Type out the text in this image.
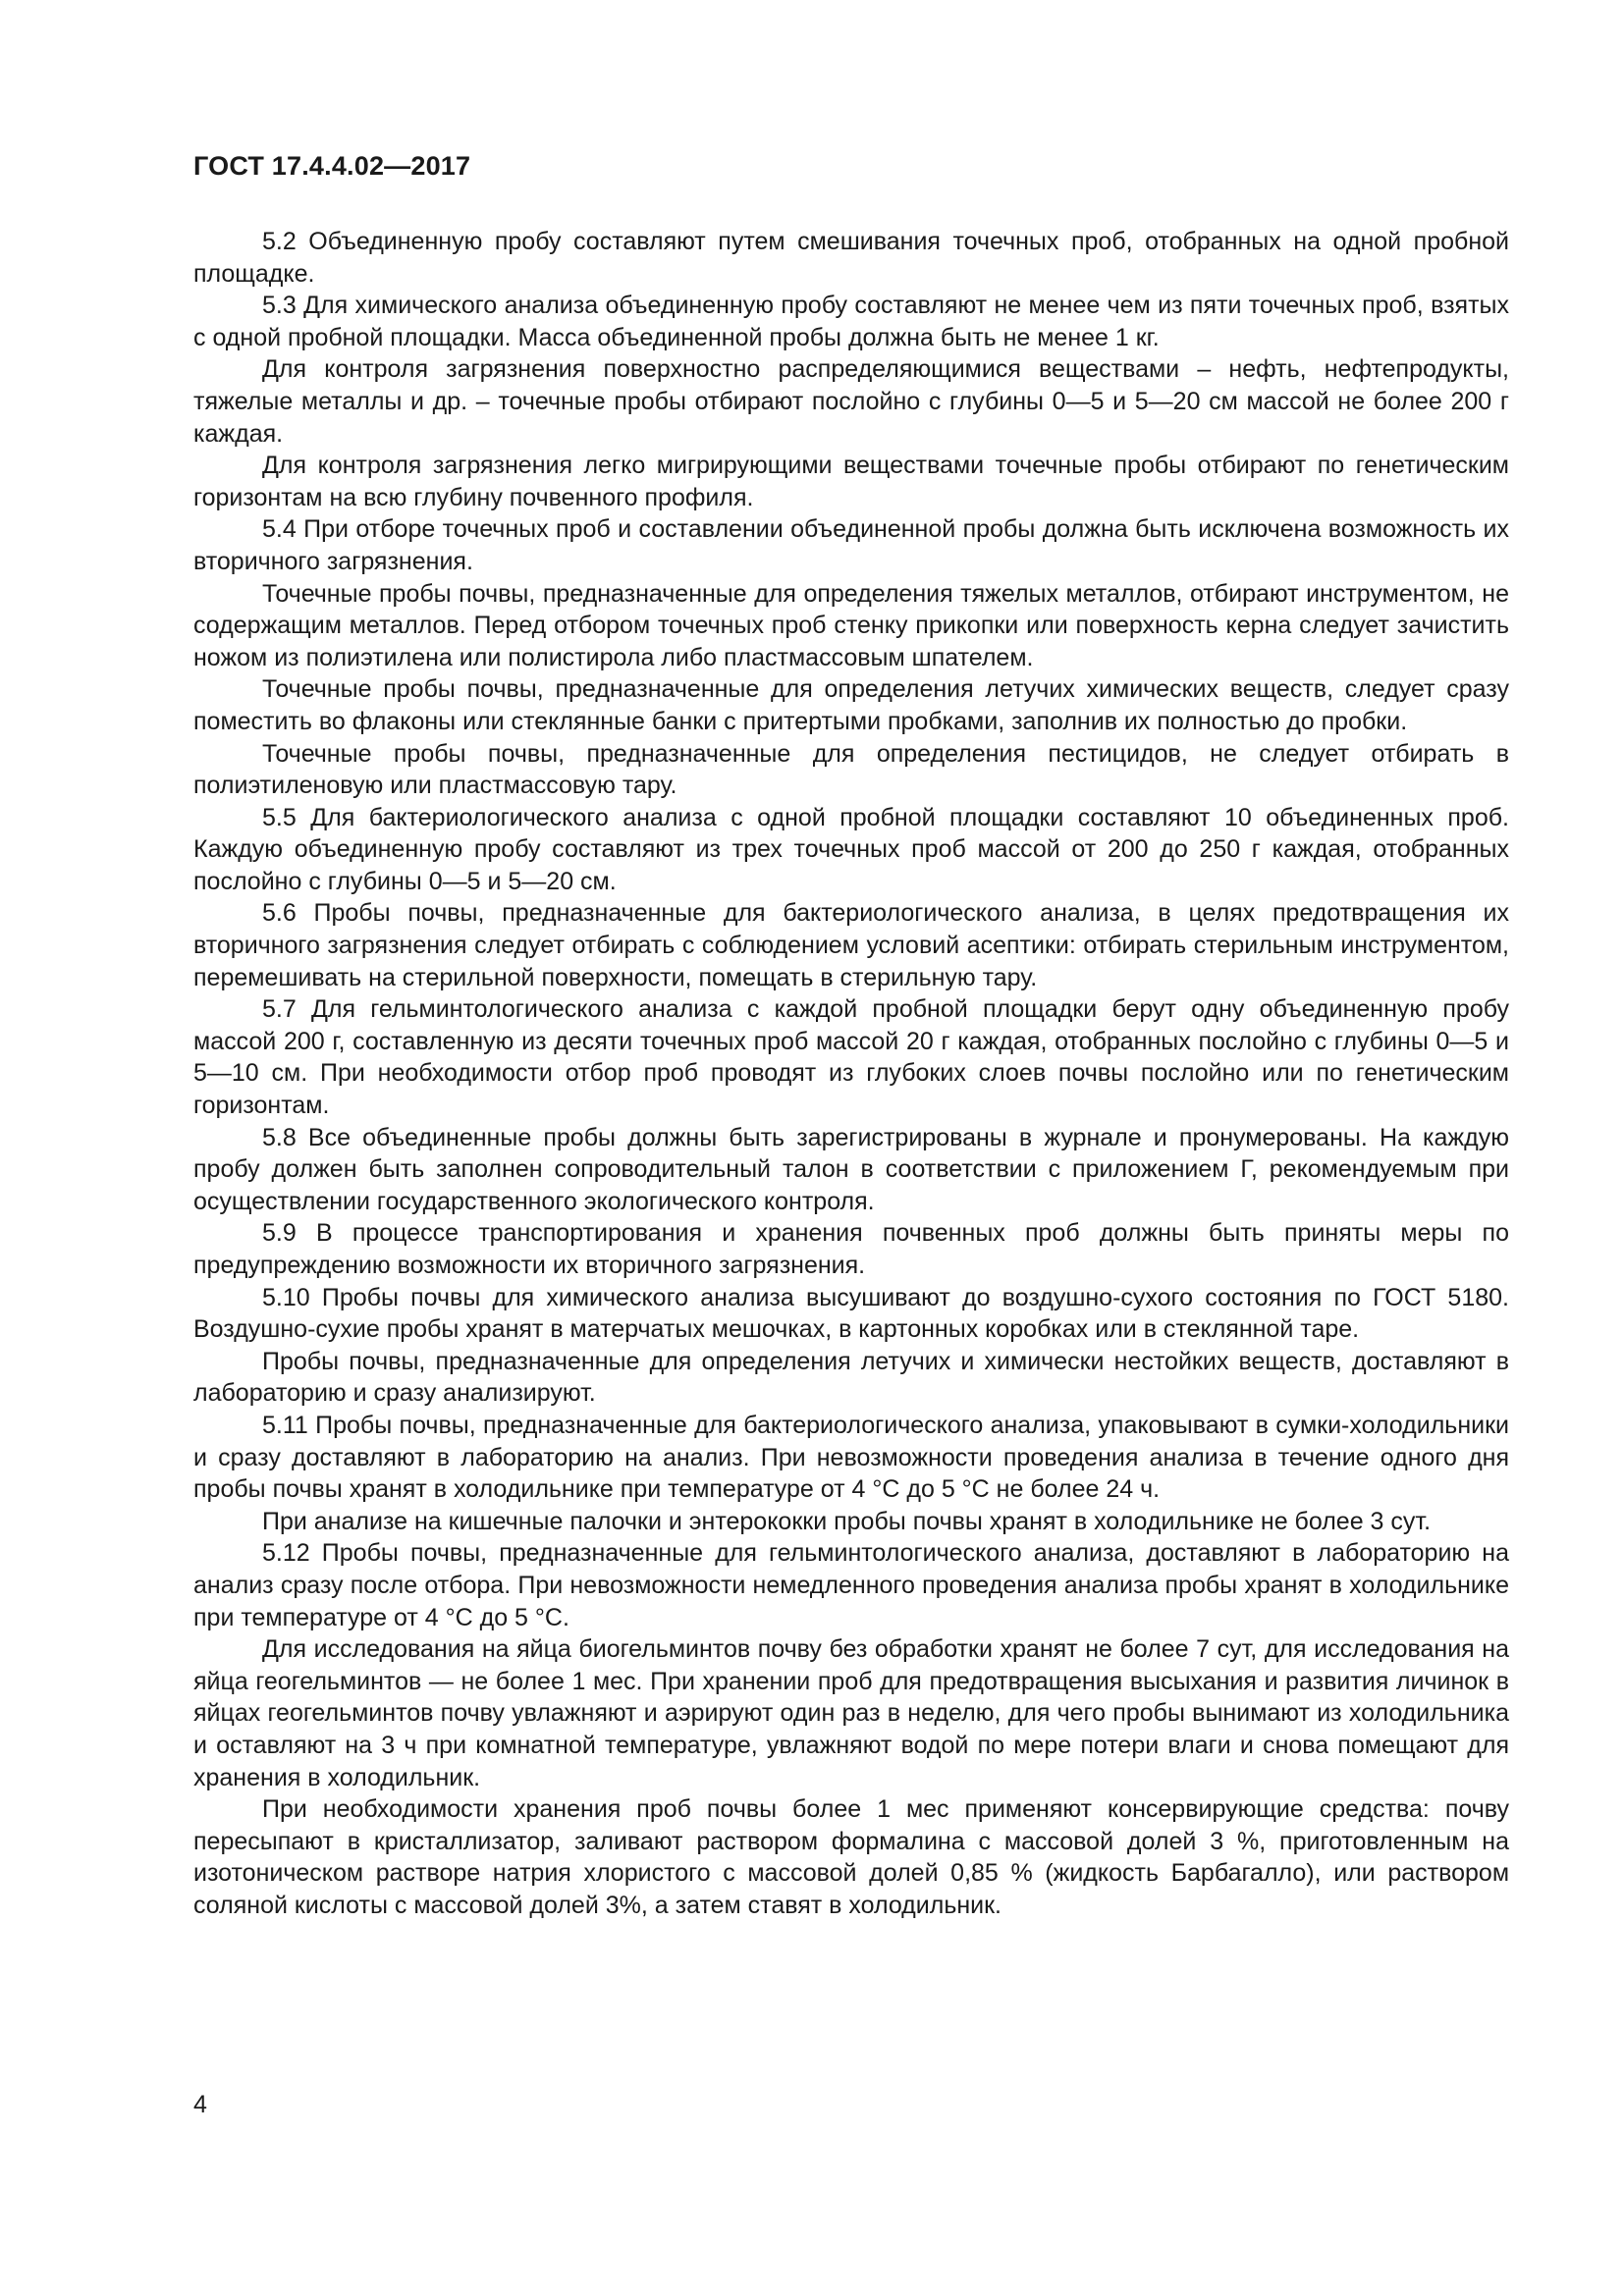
ГОСТ 17.4.4.02—2017

5.2 Объединенную пробу составляют путем смешивания точечных проб, отобранных на одной пробной площадке.

5.3 Для химического анализа объединенную пробу составляют не менее чем из пяти точечных проб, взятых с одной пробной площадки. Масса объединенной пробы должна быть не менее 1 кг.

Для контроля загрязнения поверхностно распределяющимися веществами – нефть, нефтепродукты, тяжелые металлы и др. – точечные пробы отбирают послойно с глубины 0—5 и 5—20 см массой не более 200 г каждая.

Для контроля загрязнения легко мигрирующими веществами точечные пробы отбирают по генетическим горизонтам на всю глубину почвенного профиля.

5.4 При отборе точечных проб и составлении объединенной пробы должна быть исключена возможность их вторичного загрязнения.

Точечные пробы почвы, предназначенные для определения тяжелых металлов, отбирают инструментом, не содержащим металлов. Перед отбором точечных проб стенку прикопки или поверхность керна следует зачистить ножом из полиэтилена или полистирола либо пластмассовым шпателем.

Точечные пробы почвы, предназначенные для определения летучих химических веществ, следует сразу поместить во флаконы или стеклянные банки с притертыми пробками, заполнив их полностью до пробки.

Точечные пробы почвы, предназначенные для определения пестицидов, не следует отбирать в полиэтиленовую или пластмассовую тару.

5.5 Для бактериологического анализа с одной пробной площадки составляют 10 объединенных проб. Каждую объединенную пробу составляют из трех точечных проб массой от 200 до 250 г каждая, отобранных послойно с глубины 0—5 и 5—20 см.

5.6 Пробы почвы, предназначенные для бактериологического анализа, в целях предотвращения их вторичного загрязнения следует отбирать с соблюдением условий асептики: отбирать стерильным инструментом, перемешивать на стерильной поверхности, помещать в стерильную тару.

5.7 Для гельминтологического анализа с каждой пробной площадки берут одну объединенную пробу массой 200 г, составленную из десяти точечных проб массой 20 г каждая, отобранных послойно с глубины 0—5 и 5—10 см. При необходимости отбор проб проводят из глубоких слоев почвы послойно или по генетическим горизонтам.

5.8 Все объединенные пробы должны быть зарегистрированы в журнале и пронумерованы. На каждую пробу должен быть заполнен сопроводительный талон в соответствии с приложением Г, рекомендуемым при осуществлении государственного экологического контроля.

5.9 В процессе транспортирования и хранения почвенных проб должны быть приняты меры по предупреждению возможности их вторичного загрязнения.

5.10 Пробы почвы для химического анализа высушивают до воздушно-сухого состояния по ГОСТ 5180. Воздушно-сухие пробы хранят в матерчатых мешочках, в картонных коробках или в стеклянной таре.

Пробы почвы, предназначенные для определения летучих и химически нестойких веществ, доставляют в лабораторию и сразу анализируют.

5.11 Пробы почвы, предназначенные для бактериологического анализа, упаковывают в сумки-холодильники и сразу доставляют в лабораторию на анализ. При невозможности проведения анализа в течение одного дня пробы почвы хранят в холодильнике при температуре от 4 °С до 5 °С не более 24 ч.

При анализе на кишечные палочки и энтерококки пробы почвы хранят в холодильнике не более 3 сут.

5.12 Пробы почвы, предназначенные для гельминтологического анализа, доставляют в лабораторию на анализ сразу после отбора. При невозможности немедленного проведения анализа пробы хранят в холодильнике при температуре от 4 °С до 5 °С.

Для исследования на яйца биогельминтов почву без обработки хранят не более 7 сут, для исследования на яйца геогельминтов — не более 1 мес. При хранении проб для предотвращения высыхания и развития личинок в яйцах геогельминтов почву увлажняют и аэрируют один раз в неделю, для чего пробы вынимают из холодильника и оставляют на 3 ч при комнатной температуре, увлажняют водой по мере потери влаги и снова помещают для хранения в холодильник.

При необходимости хранения проб почвы более 1 мес применяют консервирующие средства: почву пересыпают в кристаллизатор, заливают раствором формалина с массовой долей 3 %, приготовленным на изотоническом растворе натрия хлористого с массовой долей 0,85 % (жидкость Барбагалло), или раствором соляной кислоты с массовой долей 3%, а затем ставят в холодильник.

4
